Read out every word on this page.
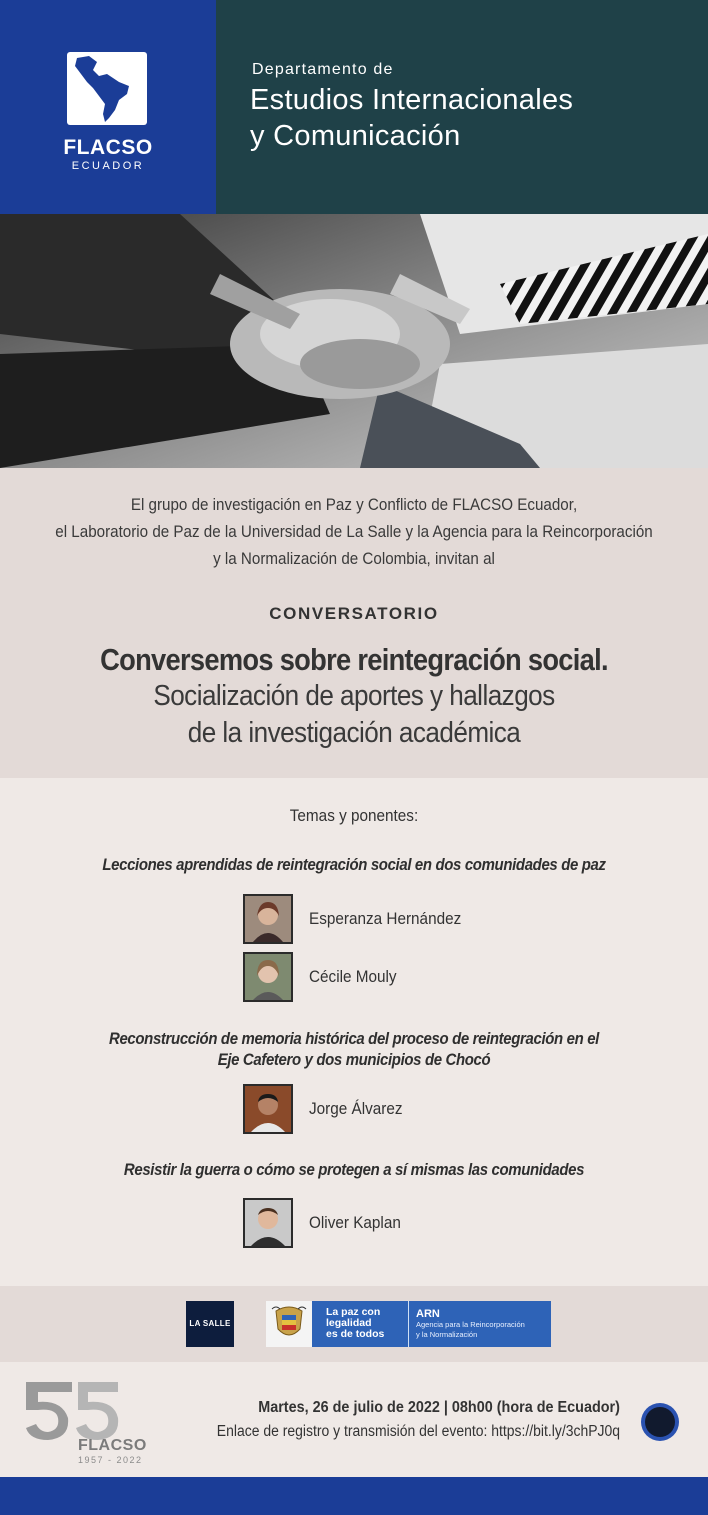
FLACSO
ECUADOR
Departamento de
Estudios Internacionales
y Comunicación
El grupo de investigación en Paz y Conflicto de FLACSO Ecuador,
el Laboratorio de Paz de la Universidad de La Salle y la Agencia para la Reincorporación
y la Normalización de Colombia, invitan al
CONVERSATORIO
Conversemos sobre reintegración social.
Socialización de aportes y hallazgos
de la investigación académica
Temas y ponentes:
Lecciones aprendidas de reintegración social en dos comunidades de paz
Esperanza Hernández
Cécile Mouly
Reconstrucción de memoria histórica del proceso de reintegración en el
Eje Cafetero y dos municipios de Chocó
Jorge Álvarez
Resistir la guerra o cómo se protegen a sí mismas las comunidades
Oliver Kaplan
LA SALLE
La paz con
legalidad
es de todos
ARN
Agencia para la Reincorporación
y la Normalización
FLACSO
1957 - 2022
Martes, 26 de julio de 2022 | 08h00 (hora de Ecuador)
Enlace de registro y transmisión del evento: https://bit.ly/3chPJ0q
